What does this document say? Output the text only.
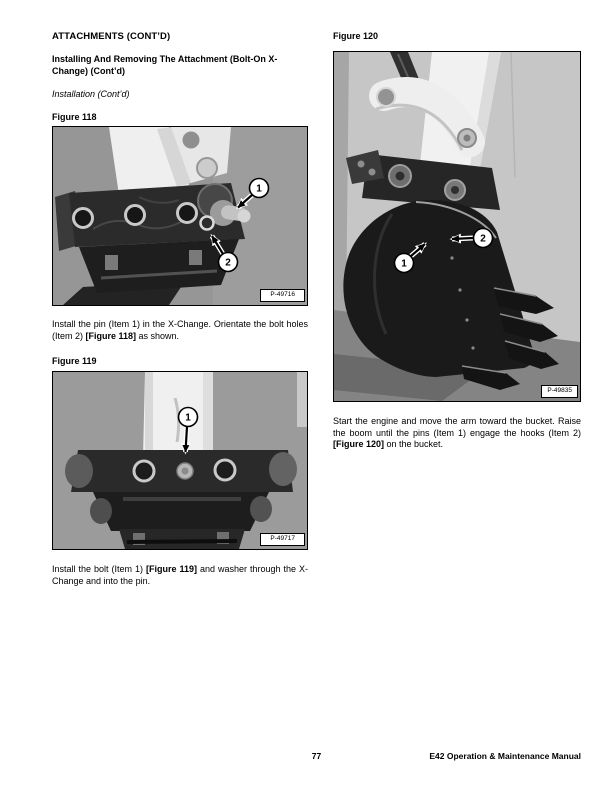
ATTACHMENTS (CONT’D)
Installing And Removing The Attachment (Bolt-On X-Change) (Cont’d)

Installation (Cont’d)

Figure 118

1
2
P-49716

Install the pin (Item 1) in the X-Change. Orientate the bolt holes (Item 2) [Figure 118] as shown.

Figure 119

1
P-49717

Install the bolt (Item 1) [Figure 119] and washer through the X-Change and into the pin.

Figure 120

1
2
P-49835

Start the engine and move the arm toward the bucket. Raise the boom until the pins (Item 1) engage the hooks (Item 2) [Figure 120] on the bucket.

77	E42 Operation & Maintenance Manual
